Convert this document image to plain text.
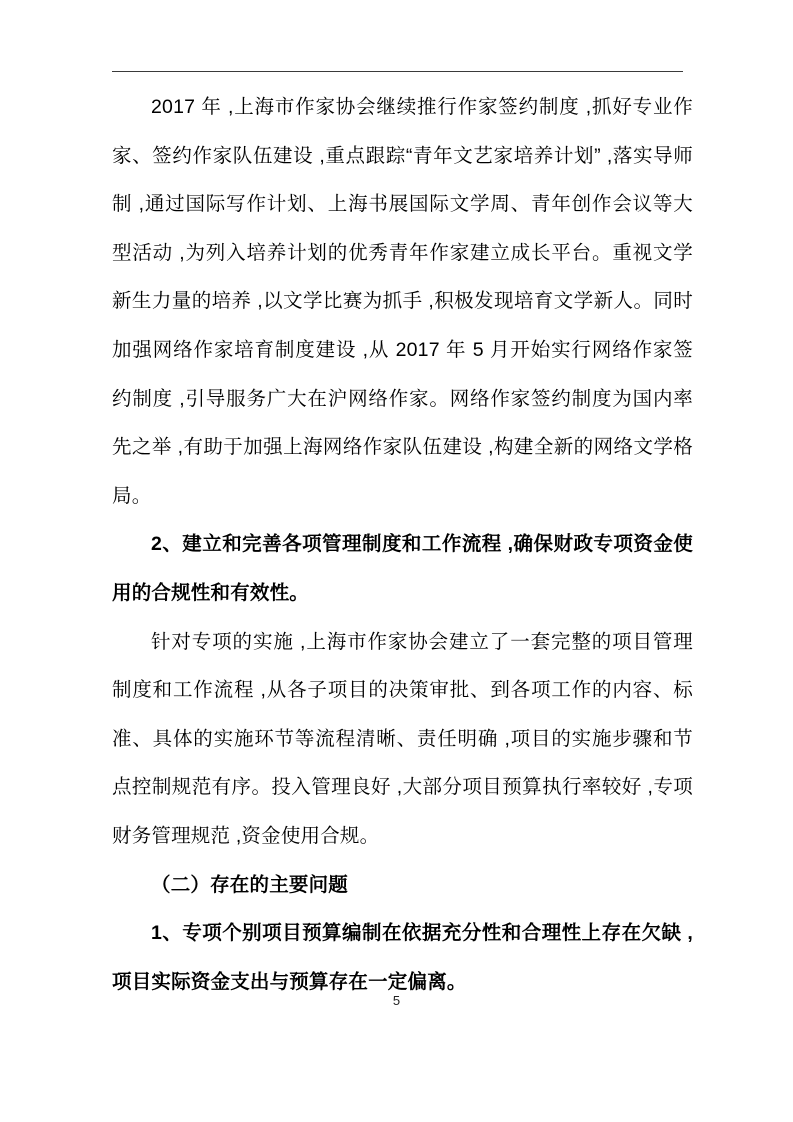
2017 年 ,上海市作家协会继续推行作家签约制度 ,抓好专业作家、签约作家队伍建设 ,重点跟踪“青年文艺家培养计划” ,落实导师制 ,通过国际写作计划、上海书展国际文学周、青年创作会议等大型活动 ,为列入培养计划的优秀青年作家建立成长平台。重视文学新生力量的培养 ,以文学比赛为抓手 ,积极发现培育文学新人。同时加强网络作家培育制度建设 ,从 2017 年 5 月开始实行网络作家签约制度 ,引导服务广大在沪网络作家。网络作家签约制度为国内率先之举 ,有助于加强上海网络作家队伍建设 ,构建全新的网络文学格局。

2、建立和完善各项管理制度和工作流程 ,确保财政专项资金使用的合规性和有效性。

针对专项的实施 ,上海市作家协会建立了一套完整的项目管理制度和工作流程 ,从各子项目的决策审批、到各项工作的内容、标准、具体的实施环节等流程清晰、责任明确 ,项目的实施步骤和节点控制规范有序。投入管理良好 ,大部分项目预算执行率较好 ,专项财务管理规范 ,资金使用合规。

（二）存在的主要问题

1、专项个别项目预算编制在依据充分性和合理性上存在欠缺 ,项目实际资金支出与预算存在一定偏离。

5
